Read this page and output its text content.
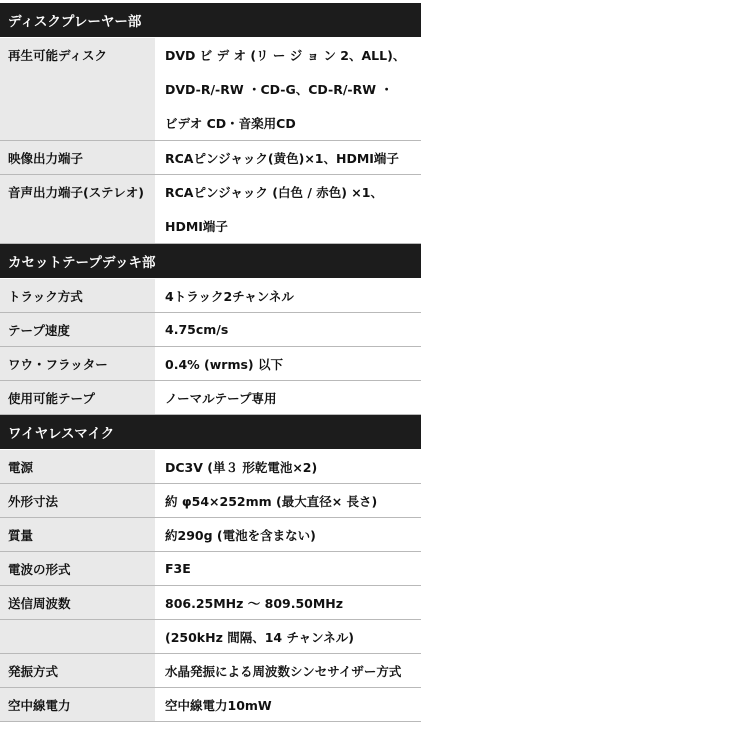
ディスクプレーヤー部
再生可能ディスク	DVD ビ デ オ (リ ー ジ ョ ン 2、ALL)、
DVD-R/-RW ・CD-G、CD-R/-RW ・
ビデオ CD・音楽用CD
映像出力端子	RCAピンジャック(黄色)×1、HDMI端子
音声出力端子(ステレオ)	RCAピンジャック (白色 / 赤色) ×1、
HDMI端子
カセットテープデッキ部
トラック方式	4トラック2チャンネル
テープ速度	4.75cm/s
ワウ・フラッター	0.4% (wrms) 以下
使用可能テープ	ノーマルテープ専用
ワイヤレスマイク
電源	DC3V (単３ 形乾電池×2)
外形寸法	約 φ54×252mm (最大直径× 長さ)
質量	約290g (電池を含まない)
電波の形式	F3E
送信周波数	806.25MHz 〜 809.50MHz
(250kHz 間隔、14 チャンネル)
発振方式	水晶発振による周波数シンセサイザー方式
空中線電力	空中線電力10mW
